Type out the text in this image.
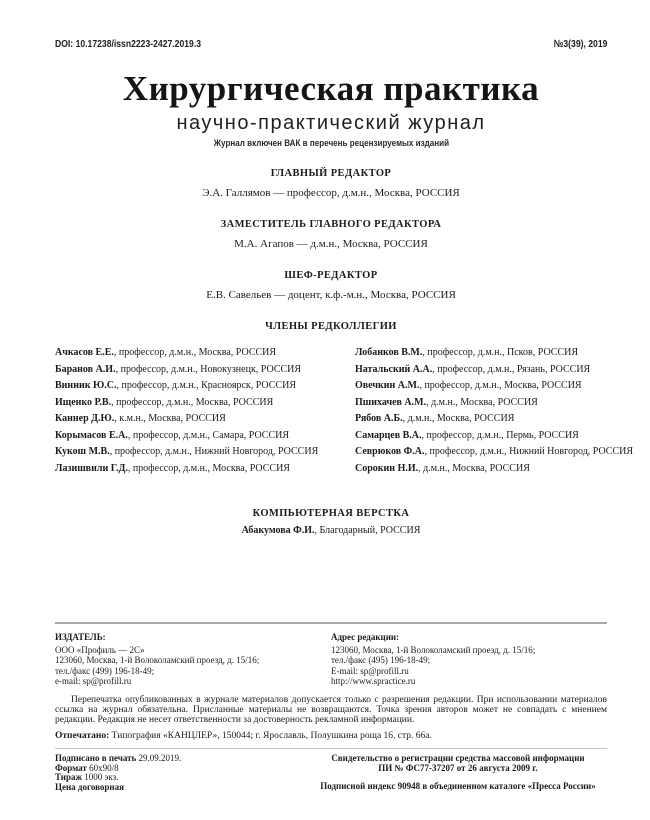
DOI: 10.17238/issn2223-2427.2019.3	№3(39), 2019
Хирургическая практика
научно-практический журнал
Журнал включен ВАК в перечень рецензируемых изданий
ГЛАВНЫЙ РЕДАКТОР
Э.А. Галлямов — профессор, д.м.н., Москва, РОССИЯ
ЗАМЕСТИТЕЛЬ ГЛАВНОГО РЕДАКТОРА
М.А. Агапов — д.м.н., Москва, РОССИЯ
ШЕФ-РЕДАКТОР
Е.В. Савельев — доцент, к.ф.-м.н., Москва, РОССИЯ
ЧЛЕНЫ РЕДКОЛЛЕГИИ
Ачкасов Е.Е., профессор, д.м.н., Москва, РОССИЯ
Баранов А.И., профессор, д.м.н., Новокузнецк, РОССИЯ
Винник Ю.С., профессор, д.м.н., Красноярск, РОССИЯ
Ищенко Р.В., профессор, д.м.н., Москва, РОССИЯ
Каннер Д.Ю., к.м.н., Москва, РОССИЯ
Корымасов Е.А., профессор, д.м.н., Самара, РОССИЯ
Кукош М.В., профессор, д.м.н., Нижний Новгород, РОССИЯ
Лазишвили Г.Д., профессор, д.м.н., Москва, РОССИЯ
Лобанков В.М., профессор, д.м.н., Псков, РОССИЯ
Натальский А.А., профессор, д.м.н., Рязань, РОССИЯ
Овечкин А.М., профессор, д.м.н., Москва, РОССИЯ
Пшихачев А.М., д.м.н., Москва, РОССИЯ
Рябов А.Б., д.м.н., Москва, РОССИЯ
Самарцев В.А., профессор, д.м.н., Пермь, РОССИЯ
Севрюков Ф.А., профессор, д.м.н., Нижний Новгород, РОССИЯ
Сорокин Н.И., д.м.н., Москва, РОССИЯ
КОМПЬЮТЕРНАЯ ВЕРСТКА
Абакумова Ф.И., Благодарный, РОССИЯ
ИЗДАТЕЛЬ:
ООО «Профиль — 2С»
123060, Москва, 1-й Волоколамский проезд, д. 15/16;
тел./факс (499) 196-18-49;
e-mail: sp@profill.ru
Адрес редакции:
123060, Москва, 1-й Волоколамский проезд, д. 15/16;
тел./факс (495) 196-18-49;
E-mail: sp@profill.ru
http://www.spractice.ru
Перепечатка опубликованных в журнале материалов допускается только с разрешения редакции. При использовании материалов ссылка на журнал обязательна. Присланные материалы не возвращаются. Точка зрения авторов может не совпадать с мнением редакции. Редакция не несет ответственности за достоверность рекламной информации.
Отпечатано: Типография «КАНЦЛЕР», 150044; г. Ярославль, Полушкина роща 16, стр. 66а.
Подписано в печать 29.09.2019.
Формат 60х90/8
Тираж 1000 экз.
Цена договорная
Свидетельство о регистрации средства массовой информации
ПИ № ФС77-37207 от 26 августа 2009 г.
Подписной индекс 90948 в объединенном каталоге «Пресса России»
